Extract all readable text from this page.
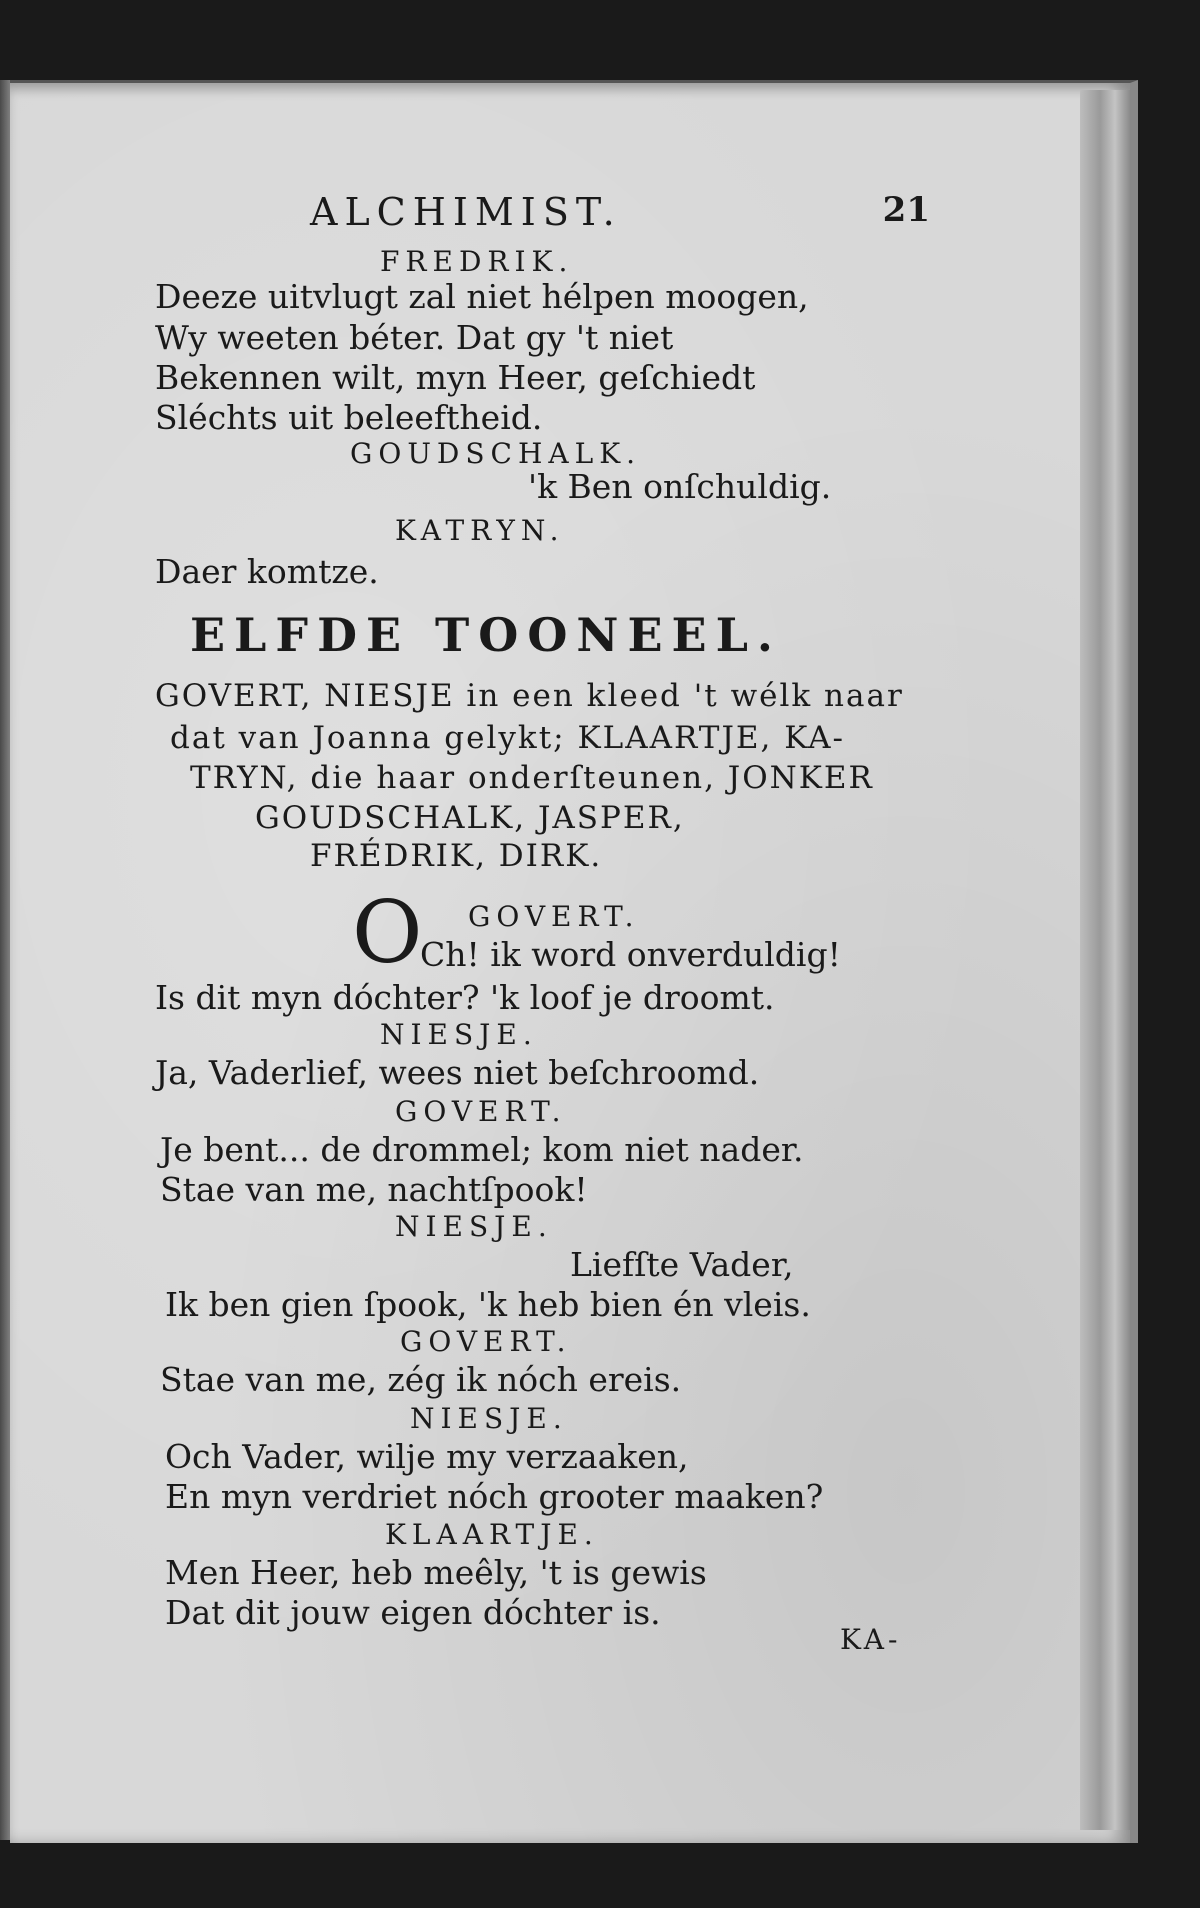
ALCHIMIST.	21
FREDRIK.
Deeze uitvlugt zal niet hélpen moogen,
Wy weeten béter. Dat gy 't niet
Bekennen wilt, myn Heer, geſchiedt
Sléchts uit beleeftheid.
GOUDSCHALK.
'k Ben onſchuldig.
KATRYN.
Daer komtze.
ELFDE TOONEEL.
GOVERT, NIESJE in een kleed 't wélk naar
dat van Joanna gelykt; KLAARTJE, KA-
TRYN, die haar onderſteunen, JONKER
GOUDSCHALK, JASPER,
FRÉDRIK, DIRK.
GOVERT.
O
Ch! ik word onverduldig!
Is dit myn dóchter? 'k loof je droomt.
NIESJE.
Ja, Vaderlief, wees niet beſchroomd.
GOVERT.
Je bent... de drommel; kom niet nader.
Stae van me, nachtſpook!
NIESJE.
Liefſte Vader,
Ik ben gien ſpook, 'k heb bien én vleis.
GOVERT.
Stae van me, zég ik nóch ereis.
NIESJE.
Och Vader, wilje my verzaaken,
En myn verdriet nóch grooter maaken?
KLAARTJE.
Men Heer, heb meêly, 't is gewis
Dat dit jouw eigen dóchter is.
KA-
